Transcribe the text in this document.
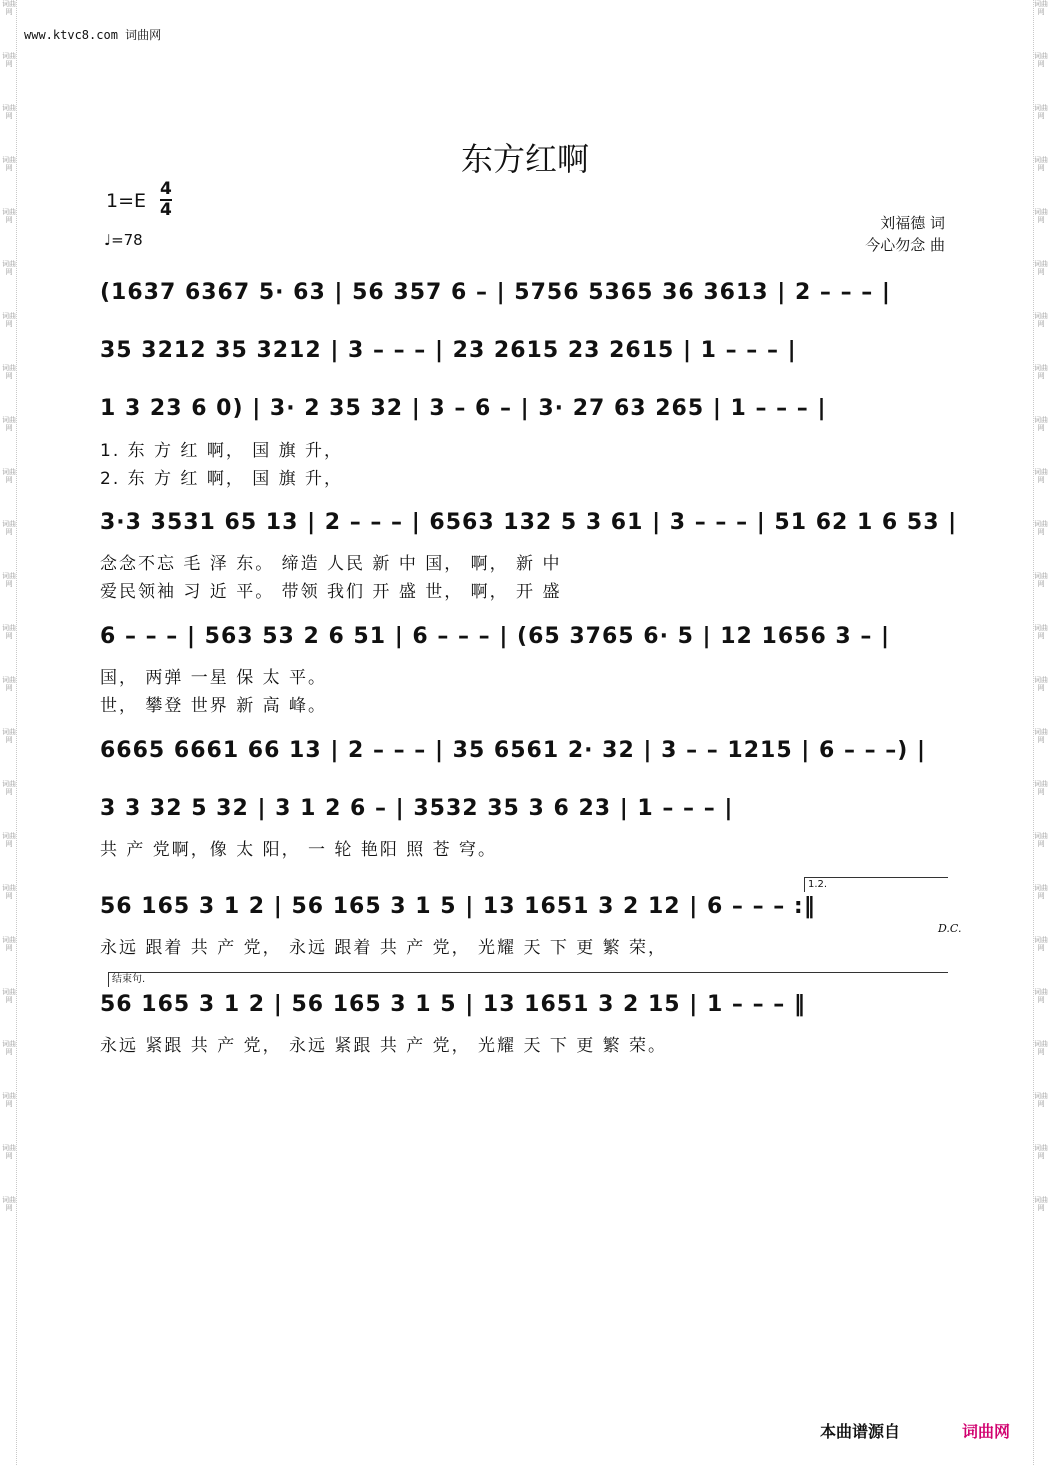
词曲网
词曲网
词曲网
词曲网
词曲网
词曲网
词曲网
词曲网
词曲网
词曲网
词曲网
词曲网
词曲网
词曲网
词曲网
词曲网
词曲网
词曲网
词曲网
词曲网
词曲网
词曲网
词曲网
词曲网
词曲网
词曲网
词曲网
词曲网
词曲网
词曲网
词曲网
词曲网
词曲网
词曲网
词曲网
词曲网
词曲网
词曲网
词曲网
词曲网
词曲网
词曲网
词曲网
词曲网
词曲网
词曲网
词曲网
词曲网
www.ktvc8.com 词曲网
东方红啊
1=E
4
4
♩=78
刘福德 词
今心勿念 曲
(1637 6367 5· 63 | 56 357 6 – | 5756 5365 36 3613 | 2 – – – |
35 3212 35 3212 | 3 – – – | 23 2615 23 2615 | 1 – – – |
1 3 23 6 0) | 3· 2 35 32 | 3 – 6 – | 3· 27 63 265 | 1 – – – |
1. 东 方 红 啊， 国 旗 升，
2. 东 方 红 啊， 国 旗 升，
3·3 3531 65 13 | 2 – – – | 6563 132 5 3 61 | 3 – – – | 51 62 1 6 53 |
念念不忘 毛 泽 东。 缔造 人民 新 中 国， 啊， 新 中
爱民领袖 习 近 平。 带领 我们 开 盛 世， 啊， 开 盛
6 – – – | 563 53 2 6 51 | 6 – – – | (65 3765 6· 5 | 12 1656 3 – |
国， 两弹 一星 保 太 平。
世， 攀登 世界 新 高 峰。
6665 6661 66 13 | 2 – – – | 35 6561 2· 32 | 3 – – 1215 | 6 – – –) |
3 3 32 5 32 | 3 1 2 6 – | 3532 35 3 6 23 | 1 – – – |
共 产 党啊，像 太 阳， 一 轮 艳阳 照 苍 穹。
1.2.
56 165 3 1 2 | 56 165 3 1 5 | 13 1651 3 2 12 | 6 – – – :‖
D.C.
永远 跟着 共 产 党， 永远 跟着 共 产 党， 光耀 天 下 更 繁 荣，
结束句.
56 165 3 1 2 | 56 165 3 1 5 | 13 1651 3 2 15 | 1 – – – ‖
永远 紧跟 共 产 党， 永远 紧跟 共 产 党， 光耀 天 下 更 繁 荣。
本曲谱源自	词曲网
